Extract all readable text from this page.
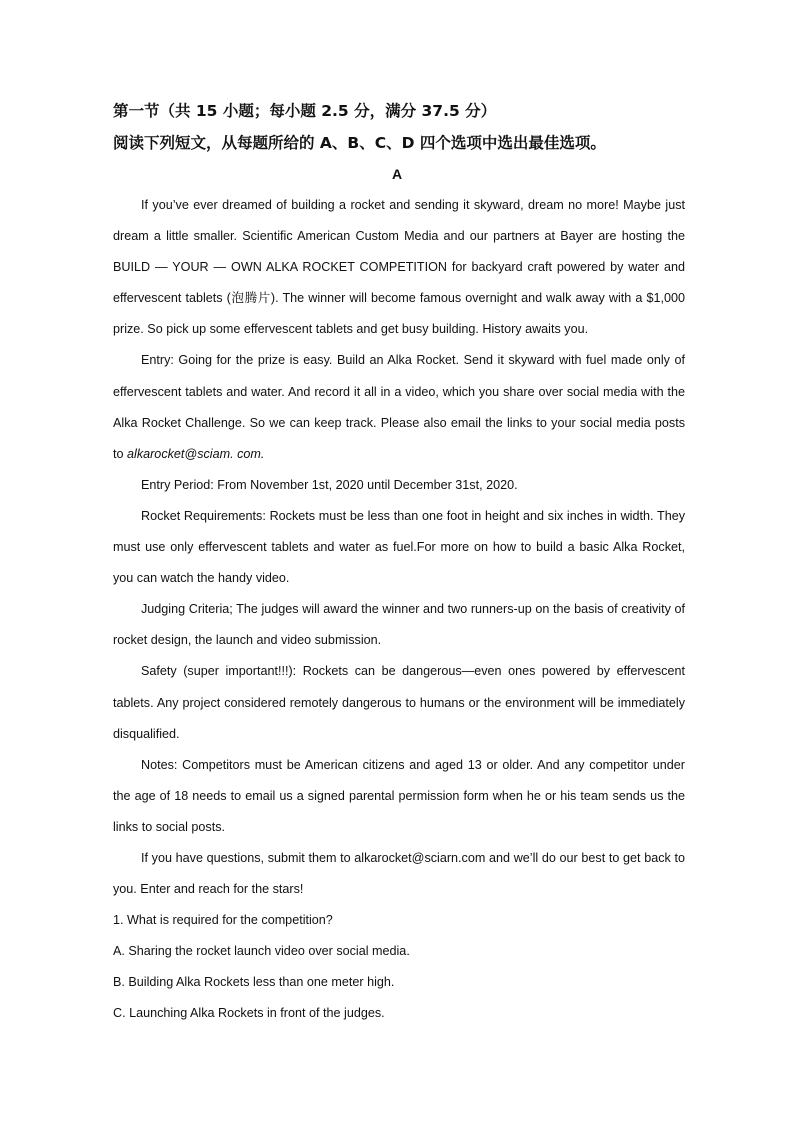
第一节（共 15 小题；每小题 2.5 分，满分 37.5 分）
阅读下列短文，从每题所给的 A、B、C、D 四个选项中选出最佳选项。
A

If you’ve ever dreamed of building a rocket and sending it skyward, dream no more! Maybe just dream a little smaller. Scientific American Custom Media and our partners at Bayer are hosting the BUILD — YOUR — OWN ALKA ROCKET COMPETITION for backyard craft powered by water and effervescent tablets (泡腾片). The winner will become famous overnight and walk away with a $1,000 prize. So pick up some effervescent tablets and get busy building. History awaits you.

Entry: Going for the prize is easy. Build an Alka Rocket. Send it skyward with fuel made only of effervescent tablets and water. And record it all in a video, which you share over social media with the Alka Rocket Challenge. So we can keep track. Please also email the links to your social media posts to alkarocket@sciam. com.

Entry Period: From November 1st, 2020 until December 31st, 2020.

Rocket Requirements: Rockets must be less than one foot in height and six inches in width. They must use only effervescent tablets and water as fuel.For more on how to build a basic Alka Rocket, you can watch the handy video.

Judging Criteria; The judges will award the winner and two runners-up on the basis of creativity of rocket design, the launch and video submission.

Safety (super important!!!): Rockets can be dangerous—even ones powered by effervescent tablets. Any project considered remotely dangerous to humans or the environment will be immediately disqualified.

Notes: Competitors must be American citizens and aged 13 or older. And any competitor under the age of 18 needs to email us a signed parental permission form when he or his team sends us the links to social posts.

If you have questions, submit them to alkarocket@sciarn.com and we’ll do our best to get back to you. Enter and reach for the stars!

1. What is required for the competition?

A. Sharing the rocket launch video over social media.

B. Building Alka Rockets less than one meter high.

C. Launching Alka Rockets in front of the judges.
